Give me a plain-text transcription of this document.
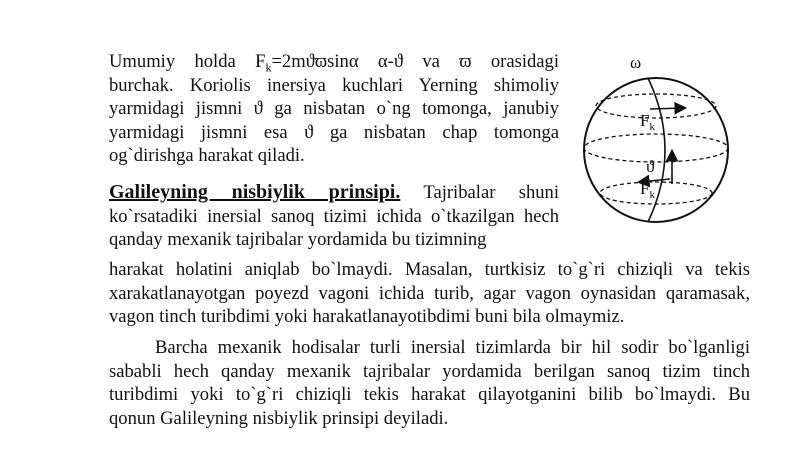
Umumiy holda $F_k=2mϑϖ\sin\alpha$ α-ϑ va ϖ orasidagi
burchak. Koriolis inersiya kuchlari Yerning shimoliy
yarmidagi jismni ϑ ga nisbatan o`ng tomonga, janubiy
yarmidagi jismni esa ϑ ga nisbatan chap tomonga
og`dirishga harakat qiladi.
Galileyning nisbiylik prinsipi. Tajribalar shuni
ko`rsatadiki inersial sanoq tizimi ichida o`tkazilgan hech
qanday mexanik tajribalar yordamida bu tizimning
harakat holatini aniqlab bo`lmaydi. Masalan, turtkisiz to`g`ri chiziqli va tekis
xarakatlanayotgan poyezd vagoni ichida turib, agar vagon oynasidan qaramasak,
vagon tinch turibdimi yoki harakatlanayotibdimi buni bila olmaymiz.
Barcha mexanik hodisalar turli inersial tizimlarda bir hil sodir bo`lganligi
sababli hech qanday mexanik tajribalar yordamida berilgan sanoq tizim tinch
turibdimi yoki to`g`ri chiziqli tekis harakat qilayotganini bilib bo`lmaydi. Bu
qonun Galileyning nisbiylik prinsipi deyiladi.
ω
$F_k$
ϑ
$F_k$
